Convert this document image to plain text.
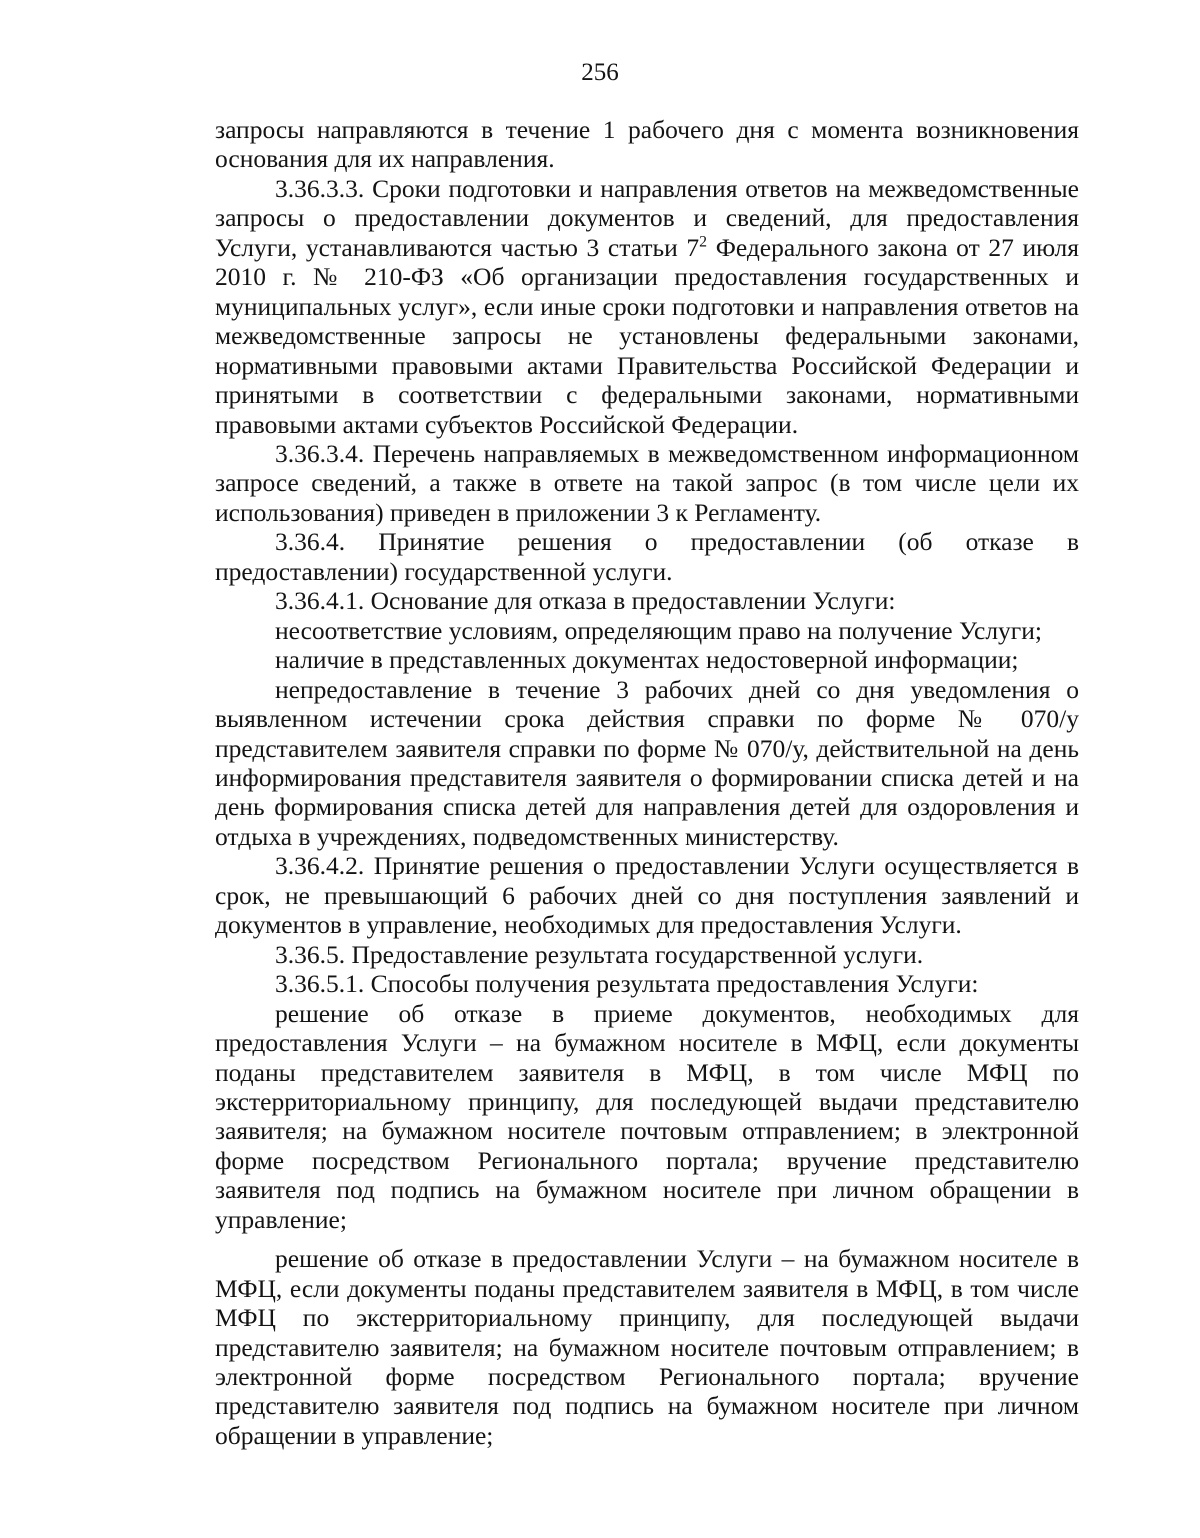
256

запросы направляются в течение 1 рабочего дня с момента возникновения основания для их направления.

3.36.3.3. Сроки подготовки и направления ответов на межведомственные запросы о предоставлении документов и сведений, для предоставления Услуги, устанавливаются частью 3 статьи $7^2$ Федерального закона от 27 июля 2010 г. № 210-ФЗ «Об организации предоставления государственных и муниципальных услуг», если иные сроки подготовки и направления ответов на межведомственные запросы не установлены федеральными законами, нормативными правовыми актами Правительства Российской Федерации и принятыми в соответствии с федеральными законами, нормативными правовыми актами субъектов Российской Федерации.

3.36.3.4. Перечень направляемых в межведомственном информационном запросе сведений, а также в ответе на такой запрос (в том числе цели их использования) приведен в приложении 3 к Регламенту.

3.36.4. Принятие решения о предоставлении (об отказе в предоставлении) государственной услуги.

3.36.4.1. Основание для отказа в предоставлении Услуги:

несоответствие условиям, определяющим право на получение Услуги;

наличие в представленных документах недостоверной информации;

непредоставление в течение 3 рабочих дней со дня уведомления о выявленном истечении срока действия справки по форме № 070/у представителем заявителя справки по форме № 070/у, действительной на день информирования представителя заявителя о формировании списка детей и на день формирования списка детей для направления детей для оздоровления и отдыха в учреждениях, подведомственных министерству.

3.36.4.2. Принятие решения о предоставлении Услуги осуществляется в срок, не превышающий 6 рабочих дней со дня поступления заявлений и документов в управление, необходимых для предоставления Услуги.

3.36.5. Предоставление результата государственной услуги.

3.36.5.1. Способы получения результата предоставления Услуги:

решение об отказе в приеме документов, необходимых для предоставления Услуги – на бумажном носителе в МФЦ, если документы поданы представителем заявителя в МФЦ, в том числе МФЦ по экстерриториальному принципу, для последующей выдачи представителю заявителя; на бумажном носителе почтовым отправлением; в электронной форме посредством Регионального портала; вручение представителю заявителя под подпись на бумажном носителе при личном обращении в управление;

решение об отказе в предоставлении Услуги – на бумажном носителе в МФЦ, если документы поданы представителем заявителя в МФЦ, в том числе МФЦ по экстерриториальному принципу, для последующей выдачи представителю заявителя; на бумажном носителе почтовым отправлением; в электронной форме посредством Регионального портала; вручение представителю заявителя под подпись на бумажном носителе при личном обращении в управление;
